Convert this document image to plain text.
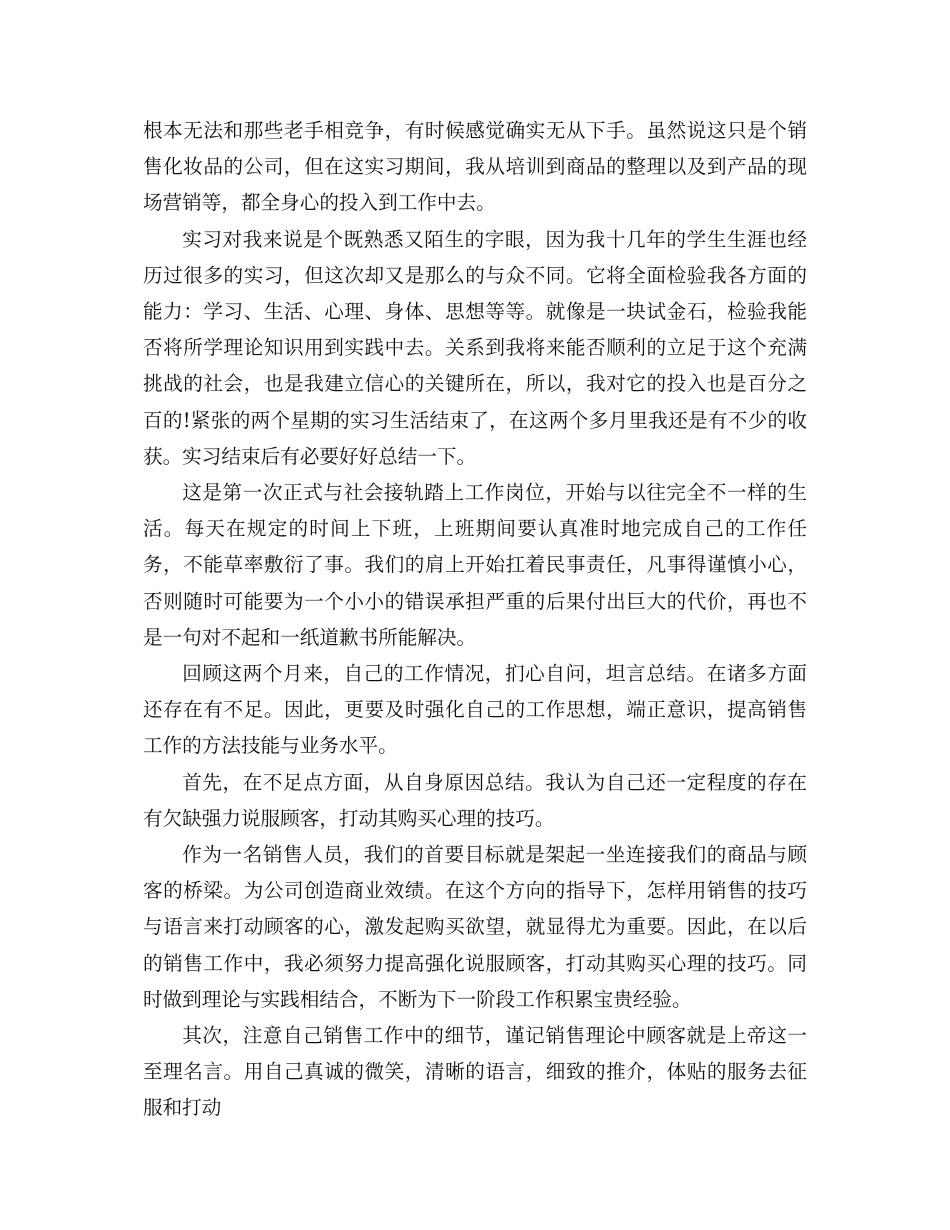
根本无法和那些老手相竞争，有时候感觉确实无从下手。虽然说这只是个销售化妆品的公司，但在这实习期间，我从培训到商品的整理以及到产品的现场营销等，都全身心的投入到工作中去。

实习对我来说是个既熟悉又陌生的字眼，因为我十几年的学生生涯也经历过很多的实习，但这次却又是那么的与众不同。它将全面检验我各方面的能力：学习、生活、心理、身体、思想等等。就像是一块试金石，检验我能否将所学理论知识用到实践中去。关系到我将来能否顺利的立足于这个充满挑战的社会，也是我建立信心的关键所在，所以，我对它的投入也是百分之百的!紧张的两个星期的实习生活结束了，在这两个多月里我还是有不少的收获。实习结束后有必要好好总结一下。

这是第一次正式与社会接轨踏上工作岗位，开始与以往完全不一样的生活。每天在规定的时间上下班，上班期间要认真准时地完成自己的工作任务，不能草率敷衍了事。我们的肩上开始扛着民事责任，凡事得谨慎小心，否则随时可能要为一个小小的错误承担严重的后果付出巨大的代价，再也不是一句对不起和一纸道歉书所能解决。

回顾这两个月来，自己的工作情况，扪心自问，坦言总结。在诸多方面还存在有不足。因此，更要及时强化自己的工作思想，端正意识，提高销售工作的方法技能与业务水平。

首先，在不足点方面，从自身原因总结。我认为自己还一定程度的存在有欠缺强力说服顾客，打动其购买心理的技巧。

作为一名销售人员，我们的首要目标就是架起一坐连接我们的商品与顾客的桥梁。为公司创造商业效绩。在这个方向的指导下，怎样用销售的技巧与语言来打动顾客的心，激发起购买欲望，就显得尤为重要。因此，在以后的销售工作中，我必须努力提高强化说服顾客，打动其购买心理的技巧。同时做到理论与实践相结合，不断为下一阶段工作积累宝贵经验。

其次，注意自己销售工作中的细节，谨记销售理论中顾客就是上帝这一至理名言。用自己真诚的微笑，清晰的语言，细致的推介，体贴的服务去征服和打动
